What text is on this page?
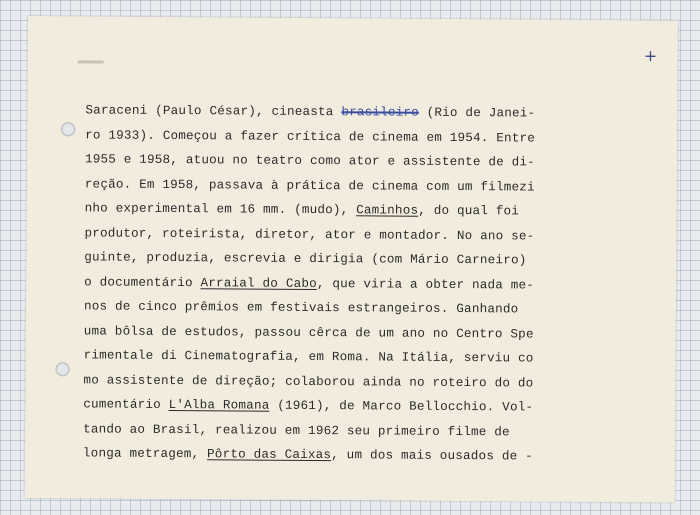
+
Saraceni (Paulo César), cineasta brasileiro (Rio de Janei-
ro 1933). Começou a fazer crítica de cinema em 1954. Entre
1955 e 1958, atuou no teatro como ator e assistente de di-
reção. Em 1958, passava à prática de cinema com um filmezi
nho experimental em 16 mm. (mudo), Caminhos, do qual foi
produtor, roteirista, diretor, ator e montador. No ano se-
guinte, produzia, escrevia e dirigia (com Mário Carneiro)
o documentário Arraial do Cabo, que viria a obter nada me-
nos de cinco prêmios em festivais estrangeiros. Ganhando
uma bôlsa de estudos, passou cêrca de um ano no Centro Spe
rimentale di Cinematografia, em Roma. Na Itália, serviu co
mo assistente de direção; colaborou ainda no roteiro do do
cumentário L'Alba Romana (1961), de Marco Bellocchio. Vol-
tando ao Brasil, realizou em 1962 seu primeiro filme de
longa metragem, Pôrto das Caixas, um dos mais ousados de -
